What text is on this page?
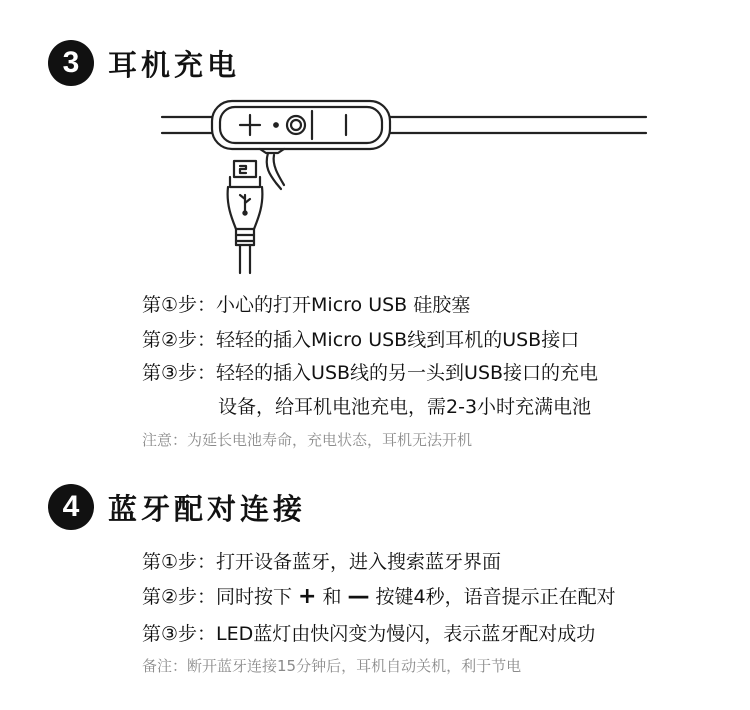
3 耳机充电
第①步：小心的打开Micro USB 硅胶塞
第②步：轻轻的插入Micro USB线到耳机的USB接口
第③步：轻轻的插入USB线的另一头到USB接口的充电
设备，给耳机电池充电，需2-3小时充满电池
注意：为延长电池寿命，充电状态，耳机无法开机
4 蓝牙配对连接
第①步：打开设备蓝牙，进入搜索蓝牙界面
第②步：同时按下 + 和 — 按键4秒，语音提示正在配对
第③步：LED蓝灯由快闪变为慢闪，表示蓝牙配对成功
备注：断开蓝牙连接15分钟后，耳机自动关机，利于节电
